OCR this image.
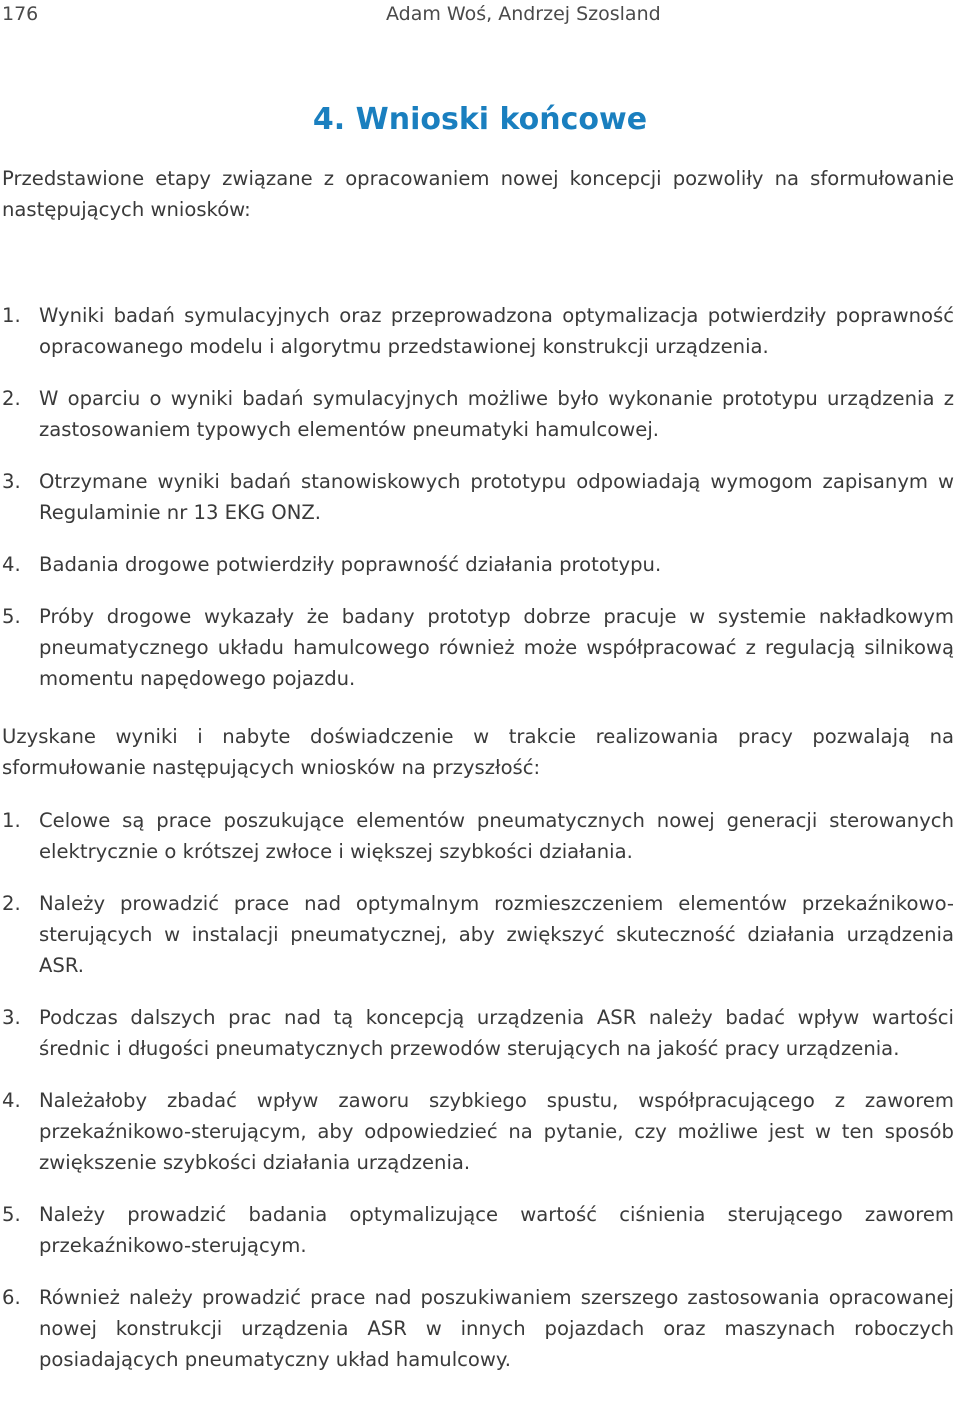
176	Adam Woś, Andrzej Szosland
4. Wnioski końcowe
Przedstawione etapy związane z opracowaniem nowej koncepcji pozwoliły na sformułowanie następujących wniosków:
1. Wyniki badań symulacyjnych oraz przeprowadzona optymalizacja potwierdziły poprawność opracowanego modelu i algorytmu przedstawionej konstrukcji urządzenia.
2. W oparciu o wyniki badań symulacyjnych możliwe było wykonanie prototypu urządzenia z zastosowaniem typowych elementów pneumatyki hamulcowej.
3. Otrzymane wyniki badań stanowiskowych prototypu odpowiadają wymogom zapisanym w Regulaminie nr 13 EKG ONZ.
4. Badania drogowe potwierdziły poprawność działania prototypu.
5. Próby drogowe wykazały że badany prototyp dobrze pracuje w systemie nakładkowym pneumatycznego układu hamulcowego również może współpracować z regulacją silnikową momentu napędowego pojazdu.
Uzyskane wyniki i nabyte doświadczenie w trakcie realizowania pracy pozwalają na sformułowanie następujących wniosków na przyszłość:
1. Celowe są prace poszukujące elementów pneumatycznych nowej generacji sterowanych elektrycznie o krótszej zwłoce i większej szybkości działania.
2. Należy prowadzić prace nad optymalnym rozmieszczeniem elementów przekaźnikowo-sterujących w instalacji pneumatycznej, aby zwiększyć skuteczność działania urządzenia ASR.
3. Podczas dalszych prac nad tą koncepcją urządzenia ASR należy badać wpływ wartości średnic i długości pneumatycznych przewodów sterujących na jakość pracy urządzenia.
4. Należałoby zbadać wpływ zaworu szybkiego spustu, współpracującego z zaworem przekaźnikowo-sterującym, aby odpowiedzieć na pytanie, czy możliwe jest w ten sposób zwiększenie szybkości działania urządzenia.
5. Należy prowadzić badania optymalizujące wartość ciśnienia sterującego zaworem przekaźnikowo-sterującym.
6. Również należy prowadzić prace nad poszukiwaniem szerszego zastosowania opracowanej nowej konstrukcji urządzenia ASR w innych pojazdach oraz maszynach roboczych posiadających pneumatyczny układ hamulcowy.
